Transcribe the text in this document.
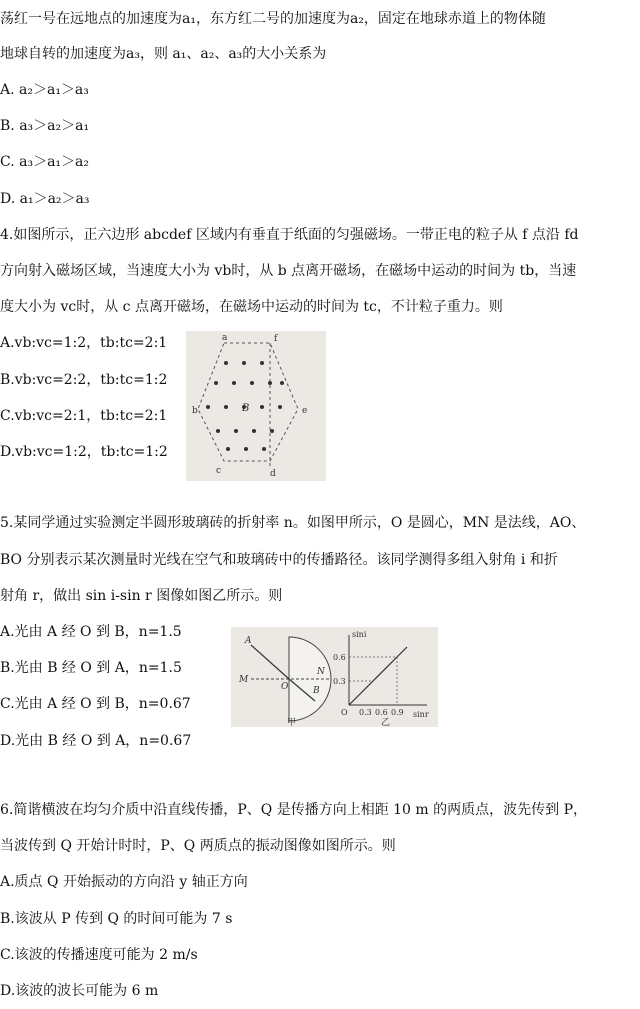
荡红一号在远地点的加速度为a₁，东方红二号的加速度为a₂，固定在地球赤道上的物体随
地球自转的加速度为a₃，则 a₁、a₂、a₃的大小关系为
A. a₂＞a₁＞a₃
B. a₃＞a₂＞a₁
C. a₃＞a₁＞a₂
D. a₁＞a₂＞a₃
4.如图所示，正六边形 abcdef 区域内有垂直于纸面的匀强磁场。一带正电的粒子从 f 点沿 fd
方向射入磁场区域，当速度大小为 vb时，从 b 点离开磁场，在磁场中运动的时间为 tb，当速
度大小为 vc时，从 c 点离开磁场，在磁场中运动的时间为 tc，不计粒子重力。则
A.vb:vc=1:2，tb:tc=2:1
B.vb:vc=2:2，tb:tc=1:2
C.vb:vc=2:1，tb:tc=2:1
D.vb:vc=1:2，tb:tc=1:2
a
b
c	d
e
f
B
5.某同学通过实验测定半圆形玻璃砖的折射率 n。如图甲所示，O 是圆心，MN 是法线，AO、
BO 分别表示某次测量时光线在空气和玻璃砖中的传播路径。该同学测得多组入射角 i 和折
射角 r，做出 sin i-sin r 图像如图乙所示。则
A.光由 A 经 O 到 B，n=1.5
B.光由 B 经 O 到 A，n=1.5
C.光由 A 经 O 到 B，n=0.67
D.光由 B 经 O 到 A，n=0.67
A
B
M
N
O
甲
sini
sinr
0.6
0.3
O 0.3 0.6 0.9
乙
6.简谐横波在均匀介质中沿直线传播，P、Q 是传播方向上相距 10 m 的两质点，波先传到 P，
当波传到 Q 开始计时时，P、Q 两质点的振动图像如图所示。则
A.质点 Q 开始振动的方向沿 y 轴正方向
B.该波从 P 传到 Q 的时间可能为 7 s
C.该波的传播速度可能为 2 m/s
D.该波的波长可能为 6 m
